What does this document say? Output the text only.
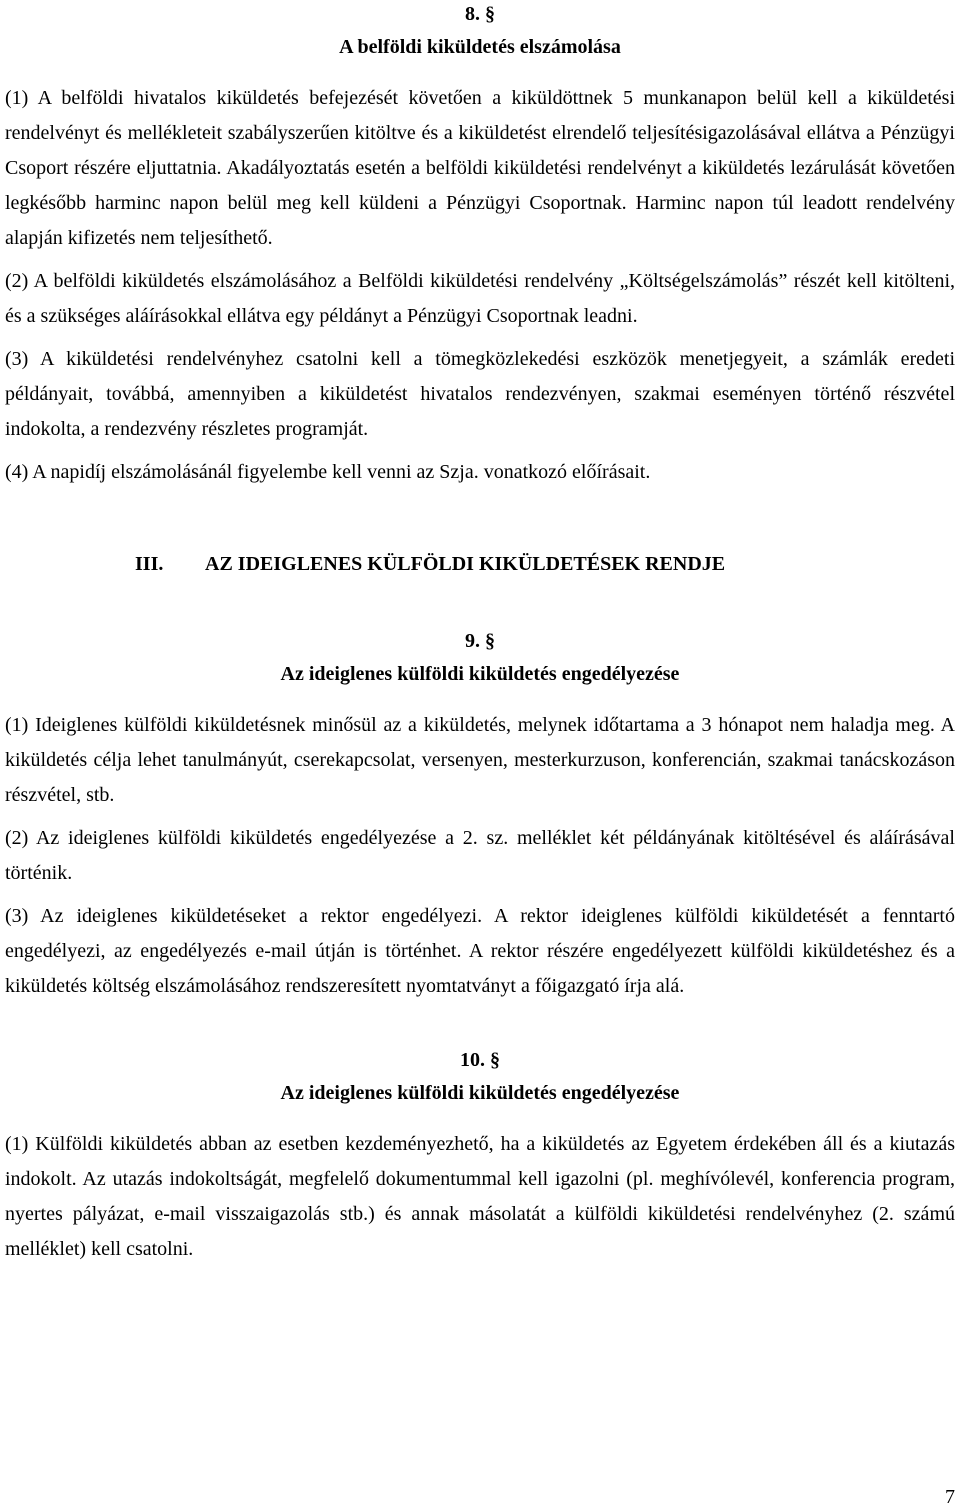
8. §

A belföldi kiküldetés elszámolása

(1) A belföldi hivatalos kiküldetés befejezését követően a kiküldöttnek 5 munkanapon belül kell a kiküldetési rendelvényt és mellékleteit szabályszerűen kitöltve és a kiküldetést elrendelő teljesítésigazolásával ellátva a Pénzügyi Csoport részére eljuttatnia. Akadályoztatás esetén a belföldi kiküldetési rendelvényt a kiküldetés lezárulását követően legkésőbb harminc napon belül meg kell küldeni a Pénzügyi Csoportnak. Harminc napon túl leadott rendelvény alapján kifizetés nem teljesíthető.

(2) A belföldi kiküldetés elszámolásához a Belföldi kiküldetési rendelvény „Költségelszámolás” részét kell kitölteni, és a szükséges aláírásokkal ellátva egy példányt a Pénzügyi Csoportnak leadni.

(3) A kiküldetési rendelvényhez csatolni kell a tömegközlekedési eszközök menetjegyeit, a számlák eredeti példányait, továbbá, amennyiben a kiküldetést hivatalos rendezvényen, szakmai eseményen történő részvétel indokolta, a rendezvény részletes programját.

(4) A napidíj elszámolásánál figyelembe kell venni az Szja. vonatkozó előírásait.

III. AZ IDEIGLENES KÜLFÖLDI KIKÜLDETÉSEK RENDJE

9. §

Az ideiglenes külföldi kiküldetés engedélyezése

(1) Ideiglenes külföldi kiküldetésnek minősül az a kiküldetés, melynek időtartama a 3 hónapot nem haladja meg. A kiküldetés célja lehet tanulmányút, cserekapcsolat, versenyen, mesterkurzuson, konferencián, szakmai tanácskozáson részvétel, stb.

(2) Az ideiglenes külföldi kiküldetés engedélyezése a 2. sz. melléklet két példányának kitöltésével és aláírásával történik.

(3) Az ideiglenes kiküldetéseket a rektor engedélyezi. A rektor ideiglenes külföldi kiküldetését a fenntartó engedélyezi, az engedélyezés e-mail útján is történhet. A rektor részére engedélyezett külföldi kiküldetéshez és a kiküldetés költség elszámolásához rendszeresített nyomtatványt a főigazgató írja alá.

10. §

Az ideiglenes külföldi kiküldetés engedélyezése

(1) Külföldi kiküldetés abban az esetben kezdeményezhető, ha a kiküldetés az Egyetem érdekében áll és a kiutazás indokolt. Az utazás indokoltságát, megfelelő dokumentummal kell igazolni (pl. meghívólevél, konferencia program, nyertes pályázat, e-mail visszaigazolás stb.) és annak másolatát a külföldi kiküldetési rendelvényhez (2. számú melléklet) kell csatolni.

7
